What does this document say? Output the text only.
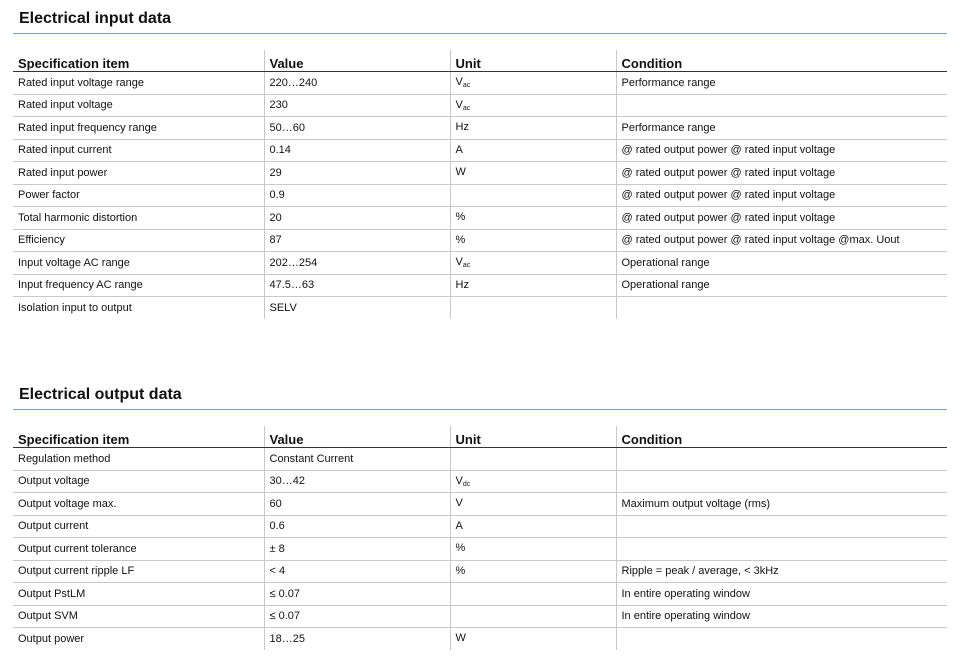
Electrical input data
Specification item	Value	Unit	Condition
Rated input voltage range	220…240	$V_{ac}$	Performance range
Rated input voltage	230	$V_{ac}$	
Rated input frequency range	50…60	Hz	Performance range
Rated input current	0.14	A	@ rated output power @ rated input voltage
Rated input power	29	W	@ rated output power @ rated input voltage
Power factor	0.9		@ rated output power @ rated input voltage
Total harmonic distortion	20	%	@ rated output power @ rated input voltage
Efficiency	87	%	@ rated output power @ rated input voltage @max. Uout
Input voltage AC range	202…254	$V_{ac}$	Operational range
Input frequency AC range	47.5…63	Hz	Operational range
Isolation input to output	SELV		
Electrical output data
Specification item	Value	Unit	Condition
Regulation method	Constant Current		
Output voltage	30…42	$V_{dc}$	
Output voltage max.	60	V	Maximum output voltage (rms)
Output current	0.6	A	
Output current tolerance	± 8	%	
Output current ripple LF	< 4	%	Ripple = peak / average, < 3kHz
Output PstLM	≤ 0.07		In entire operating window
Output SVM	≤ 0.07		In entire operating window
Output power	18…25	W	
